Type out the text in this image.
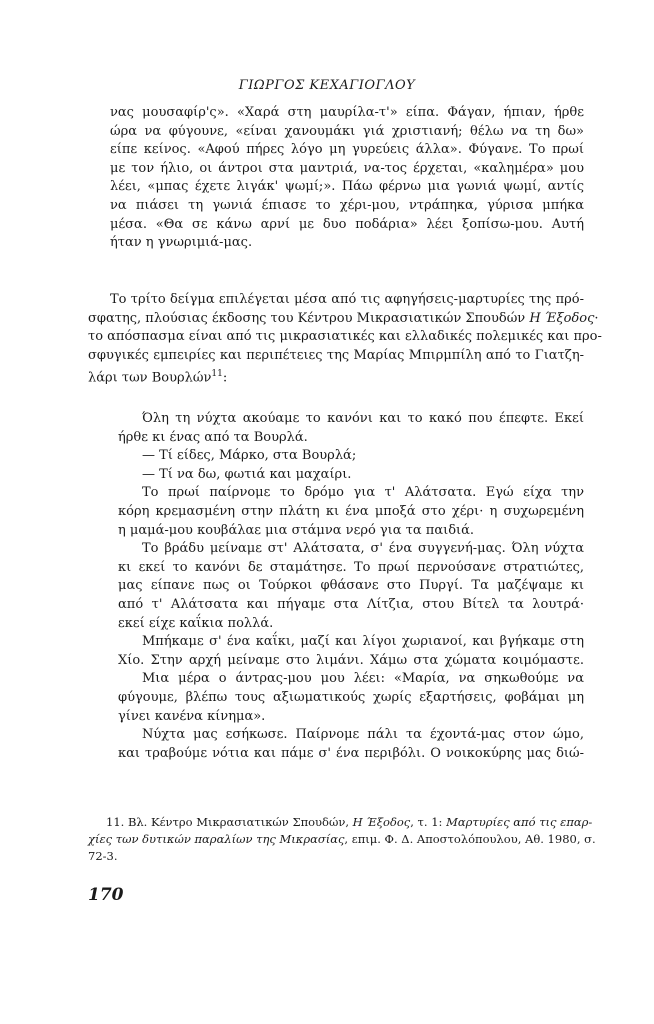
ΓΙΩΡΓΟΣ ΚΕΧΑΓΙΟΓΛΟΥ
νας μουσαφίρ'ς». «Χαρά στη μαυρίλα-τ'» είπα. Φάγαν, ήπιαν, ήρθε
ώρα να φύγουνε, «είναι χανουμάκι γιά χριστιανή; θέλω να τη δω»
είπε κείνος. «Αφού πήρες λόγο μη γυρεύεις άλλα». Φύγανε. Το πρωί
με τον ήλιο, οι άντροι στα μαντριά, να-τος έρχεται, «καλημέρα» μου
λέει, «μπας έχετε λιγάκ' ψωμί;». Πάω φέρνω μια γωνιά ψωμί, αντίς
να πιάσει τη γωνιά έπιασε το χέρι-μου, ντράπηκα, γύρισα μπήκα
μέσα. «Θα σε κάνω αρνί με δυο ποδάρια» λέει ξοπίσω-μου. Αυτή
ήταν η γνωριμιά-μας.
Το τρίτο δείγμα επιλέγεται μέσα από τις αφηγήσεις-μαρτυρίες της πρό-
σφατης, πλούσιας έκδοσης του Κέντρου Μικρασιατικών Σπουδών Η Έξοδος·
το απόσπασμα είναι από τις μικρασιατικές και ελλαδικές πολεμικές και προ-
σφυγικές εμπειρίες και περιπέτειες της Μαρίας Μπιρμπίλη από το Γιατζη-
λάρι των Βουρλών$^{11}$:
Όλη τη νύχτα ακούαμε το κανόνι και το κακό που έπεφτε. Εκεί
ήρθε κι ένας από τα Βουρλά.
— Τί είδες, Μάρκο, στα Βουρλά;
— Τί να δω, φωτιά και μαχαίρι.
Το πρωί παίρνομε το δρόμο για τ' Αλάτσατα. Εγώ είχα την
κόρη κρεμασμένη στην πλάτη κι ένα μποξά στο χέρι· η συχωρεμένη
η μαμά-μου κουβάλαε μια στάμνα νερό για τα παιδιά.
Το βράδυ μείναμε στ' Αλάτσατα, σ' ένα συγγενή-μας. Όλη νύχτα
κι εκεί το κανόνι δε σταμάτησε. Το πρωί περνούσανε στρατιώτες,
μας είπανε πως οι Τούρκοι φθάσανε στο Πυργί. Τα μαζέψαμε κι
από τ' Αλάτσατα και πήγαμε στα Λίτζια, στου Βίτελ τα λουτρά·
εκεί είχε καΐκια πολλά.
Μπήκαμε σ' ένα καΐκι, μαζί και λίγοι χωριανοί, και βγήκαμε στη
Χίο. Στην αρχή μείναμε στο λιμάνι. Χάμω στα χώματα κοιμόμαστε.
Μια μέρα ο άντρας-μου μου λέει: «Μαρία, να σηκωθούμε να
φύγουμε, βλέπω τους αξιωματικούς χωρίς εξαρτήσεις, φοβάμαι μη
γίνει κανένα κίνημα».
Νύχτα μας εσήκωσε. Παίρνομε πάλι τα έχοντά-μας στον ώμο,
και τραβούμε νότια και πάμε σ' ένα περιβόλι. Ο νοικοκύρης μας διώ-
11. Βλ. Κέντρο Μικρασιατικών Σπουδών, Η Έξοδος, τ. 1: Μαρτυρίες από τις επαρ-
χίες των δυτικών παραλίων της Μικρασίας, επιμ. Φ. Δ. Αποστολόπουλου, Αθ. 1980, σ.
72-3.
170
